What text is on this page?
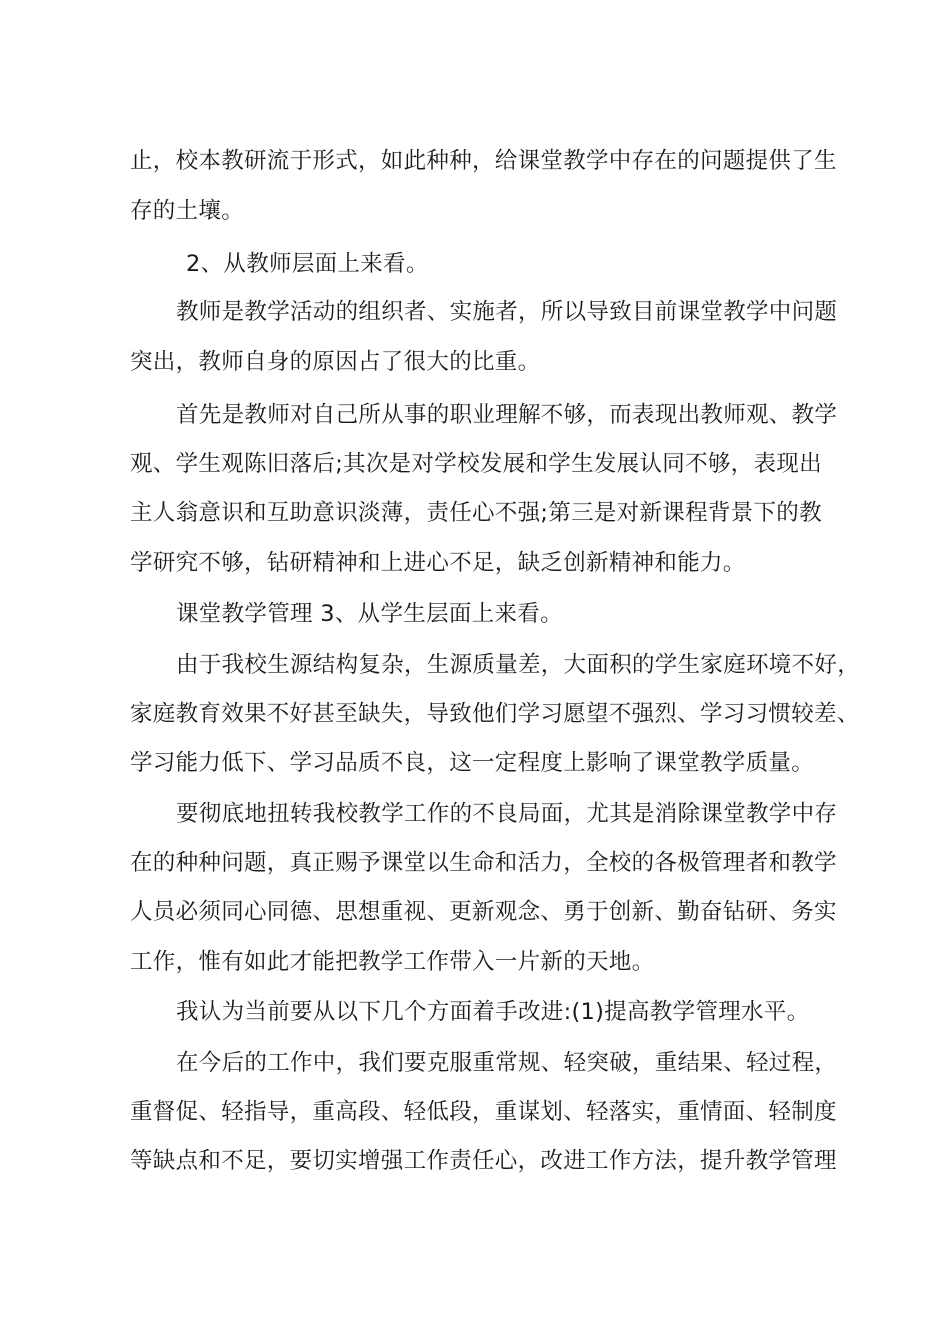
止，校本教研流于形式，如此种种，给课堂教学中存在的问题提供了生
存的土壤。
2、从教师层面上来看。
教师是教学活动的组织者、实施者，所以导致目前课堂教学中问题
突出，教师自身的原因占了很大的比重。
首先是教师对自己所从事的职业理解不够，而表现出教师观、教学
观、学生观陈旧落后;其次是对学校发展和学生发展认同不够，表现出
主人翁意识和互助意识淡薄，责任心不强;第三是对新课程背景下的教
学研究不够，钻研精神和上进心不足，缺乏创新精神和能力。
课堂教学管理 3、从学生层面上来看。
由于我校生源结构复杂，生源质量差，大面积的学生家庭环境不好，
家庭教育效果不好甚至缺失，导致他们学习愿望不强烈、学习习惯较差、
学习能力低下、学习品质不良，这一定程度上影响了课堂教学质量。
要彻底地扭转我校教学工作的不良局面，尤其是消除课堂教学中存
在的种种问题，真正赐予课堂以生命和活力，全校的各极管理者和教学
人员必须同心同德、思想重视、更新观念、勇于创新、勤奋钻研、务实
工作，惟有如此才能把教学工作带入一片新的天地。
我认为当前要从以下几个方面着手改进:(1)提高教学管理水平。
在今后的工作中，我们要克服重常规、轻突破，重结果、轻过程，
重督促、轻指导，重高段、轻低段，重谋划、轻落实，重情面、轻制度
等缺点和不足，要切实增强工作责任心，改进工作方法，提升教学管理
